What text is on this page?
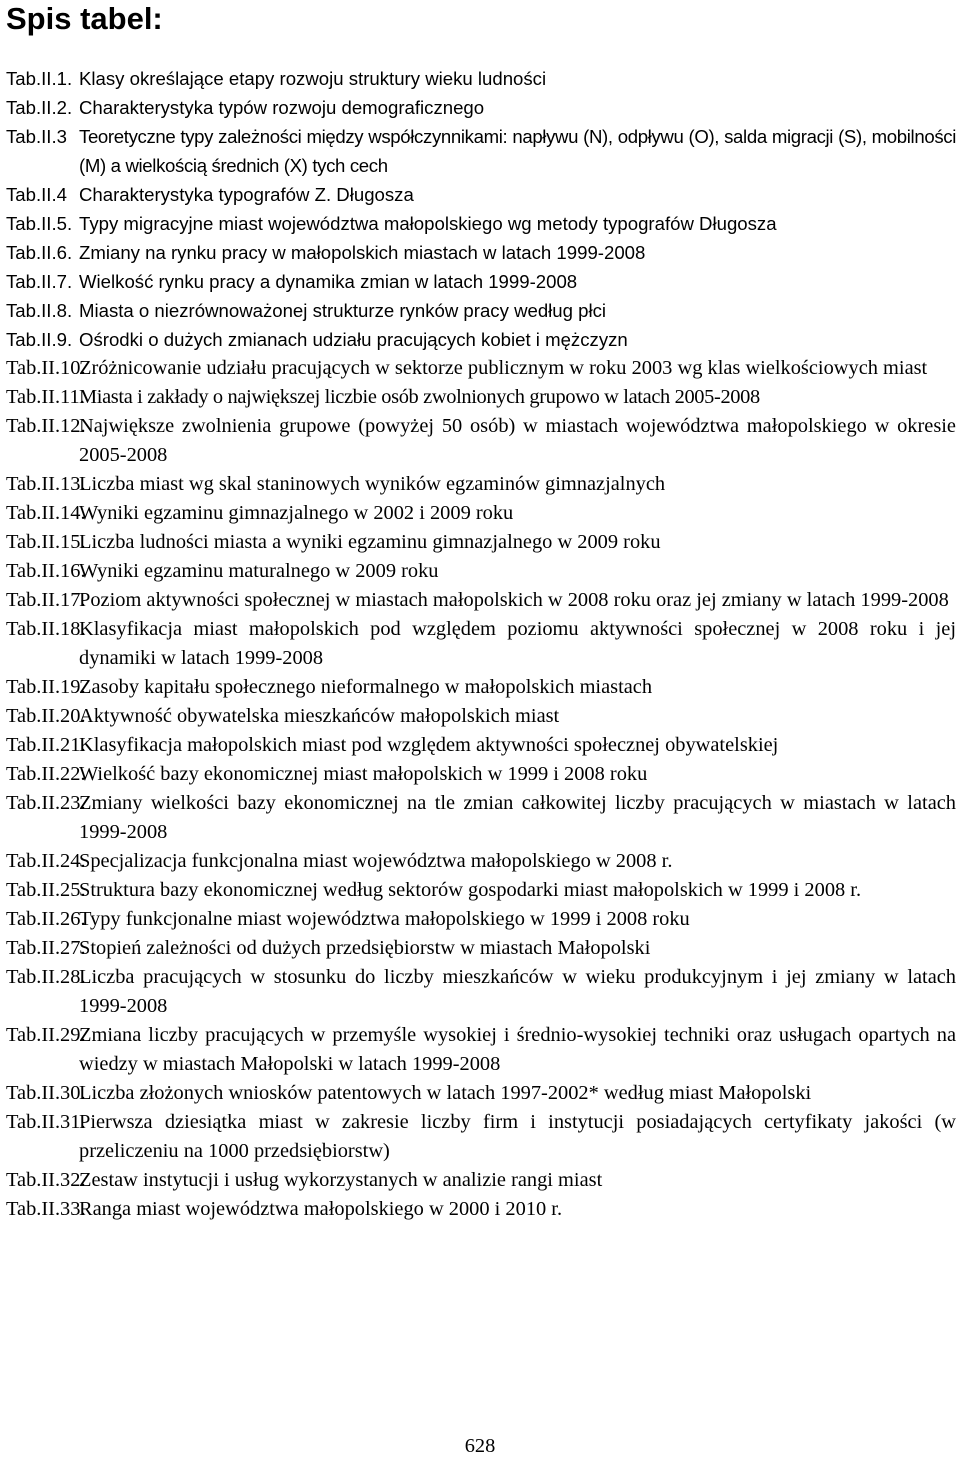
Spis tabel:
Tab.II.1. Klasy określające etapy rozwoju struktury wieku ludności
Tab.II.2. Charakterystyka typów rozwoju demograficznego
Tab.II.3 Teoretyczne typy zależności między współczynnikami: napływu (N), odpływu (O), salda migracji (S), mobilności (M) a wielkością średnich (X) tych cech
Tab.II.4 Charakterystyka typografów Z. Długosza
Tab.II.5. Typy migracyjne miast województwa małopolskiego wg metody typografów Długosza
Tab.II.6. Zmiany na rynku pracy w małopolskich miastach w latach 1999-2008
Tab.II.7. Wielkość rynku pracy a dynamika zmian w latach 1999-2008
Tab.II.8. Miasta o niezrównoważonej strukturze rynków pracy według płci
Tab.II.9. Ośrodki o dużych zmianach udziału pracujących kobiet i mężczyzn
Tab.II.10.
Zróżnicowanie udziału pracujących w sektorze publicznym w roku 2003 wg klas wielkościowych miast
Tab.II.11.
Miasta i zakłady o największej liczbie osób zwolnionych grupowo w latach 2005-2008
Tab.II.12.
Największe zwolnienia grupowe (powyżej 50 osób) w miastach województwa małopolskiego w okresie 2005-2008
Tab.II.13.
Liczba miast wg skal staninowych wyników egzaminów gimnazjalnych
Tab.II.14.
Wyniki egzaminu gimnazjalnego w 2002 i 2009 roku
Tab.II.15.
Liczba ludności miasta a wyniki egzaminu gimnazjalnego w 2009 roku
Tab.II.16.
Wyniki egzaminu maturalnego w 2009 roku
Tab.II.17.
Poziom aktywności społecznej w miastach małopolskich w 2008 roku oraz jej zmiany w latach 1999-2008
Tab.II.18.
Klasyfikacja miast małopolskich pod względem poziomu aktywności społecznej w 2008 roku i jej dynamiki w latach 1999-2008
Tab.II.19.
Zasoby kapitału społecznego nieformalnego w małopolskich miastach
Tab.II.20.
Aktywność obywatelska mieszkańców małopolskich miast
Tab.II.21.
Klasyfikacja małopolskich miast pod względem aktywności społecznej obywatelskiej
Tab.II.22.
Wielkość bazy ekonomicznej miast małopolskich w 1999 i 2008 roku
Tab.II.23.
Zmiany wielkości bazy ekonomicznej na tle zmian całkowitej liczby pracujących w miastach w latach 1999-2008
Tab.II.24.
Specjalizacja funkcjonalna miast województwa małopolskiego w 2008 r.
Tab.II.25.
Struktura bazy ekonomicznej według sektorów gospodarki miast małopolskich w 1999 i 2008 r.
Tab.II.26.
Typy funkcjonalne miast województwa małopolskiego w 1999 i 2008 roku
Tab.II.27.
Stopień zależności od dużych przedsiębiorstw w miastach Małopolski
Tab.II.28.
Liczba pracujących w stosunku do liczby mieszkańców w wieku produkcyjnym i jej zmiany w latach 1999-2008
Tab.II.29.
Zmiana liczby pracujących w przemyśle wysokiej i średnio-wysokiej techniki oraz usługach opartych na wiedzy w miastach Małopolski w latach 1999-2008
Tab.II.30.
Liczba złożonych wniosków patentowych w latach 1997-2002* według miast Małopolski
Tab.II.31.
Pierwsza dziesiątka miast w zakresie liczby firm i instytucji posiadających certyfikaty jakości (w przeliczeniu na 1000 przedsiębiorstw)
Tab.II.32.
Zestaw instytucji i usług wykorzystanych w analizie rangi miast
Tab.II.33.
Ranga miast województwa małopolskiego w 2000 i 2010 r.
628
